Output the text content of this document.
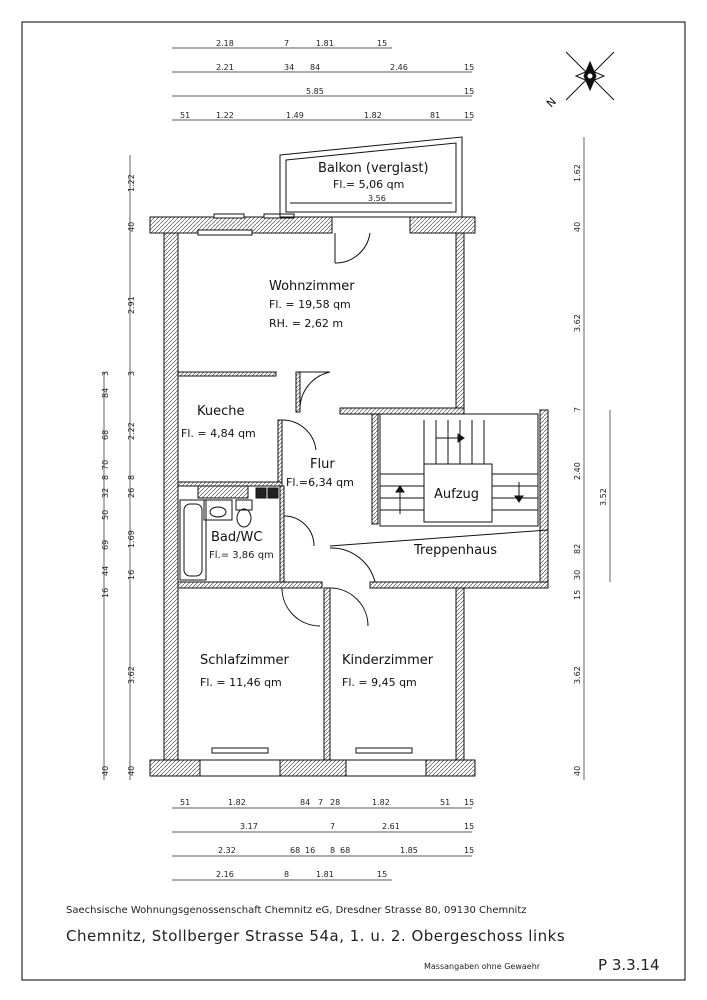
N
Balkon (verglast)
Fl.= 5,06 qm
3.56
Wohnzimmer
Fl. = 19,58 qm
RH. = 2,62 m
Kueche
Fl. = 4,84 qm
Flur
Fl.=6,34 qm
Aufzug
Bad/WC
Fl.= 3,86 qm	Treppenhaus
Schlafzimmer
Fl. = 11,46 qm
Kinderzimmer
Fl. = 9,45 qm
2.18	7	1.81	15
2.21	34 84	2.46	15
5.85	15
51	1.22	1.49	1.82	81	15
51	1.82	84 7 28	1.82	51 15
3.17	7	2.61	15
2.32	68 16 8 68	1.85	15
2.16	8	1.81	15
3
84
68
70
8
32
50
69
44
16
40
1.22
40
2.91
3
2.22
8
26
1.69
16
3.62
40
1.62
40
3.62
7
2.40
82
30
15
3.62
40
3.52
Saechsische Wohnungsgenossenschaft Chemnitz eG, Dresdner Strasse 80, 09130 Chemnitz
Chemnitz, Stollberger Strasse 54a, 1. u. 2. Obergeschoss links
Massangaben ohne Gewaehr	P 3.3.14
